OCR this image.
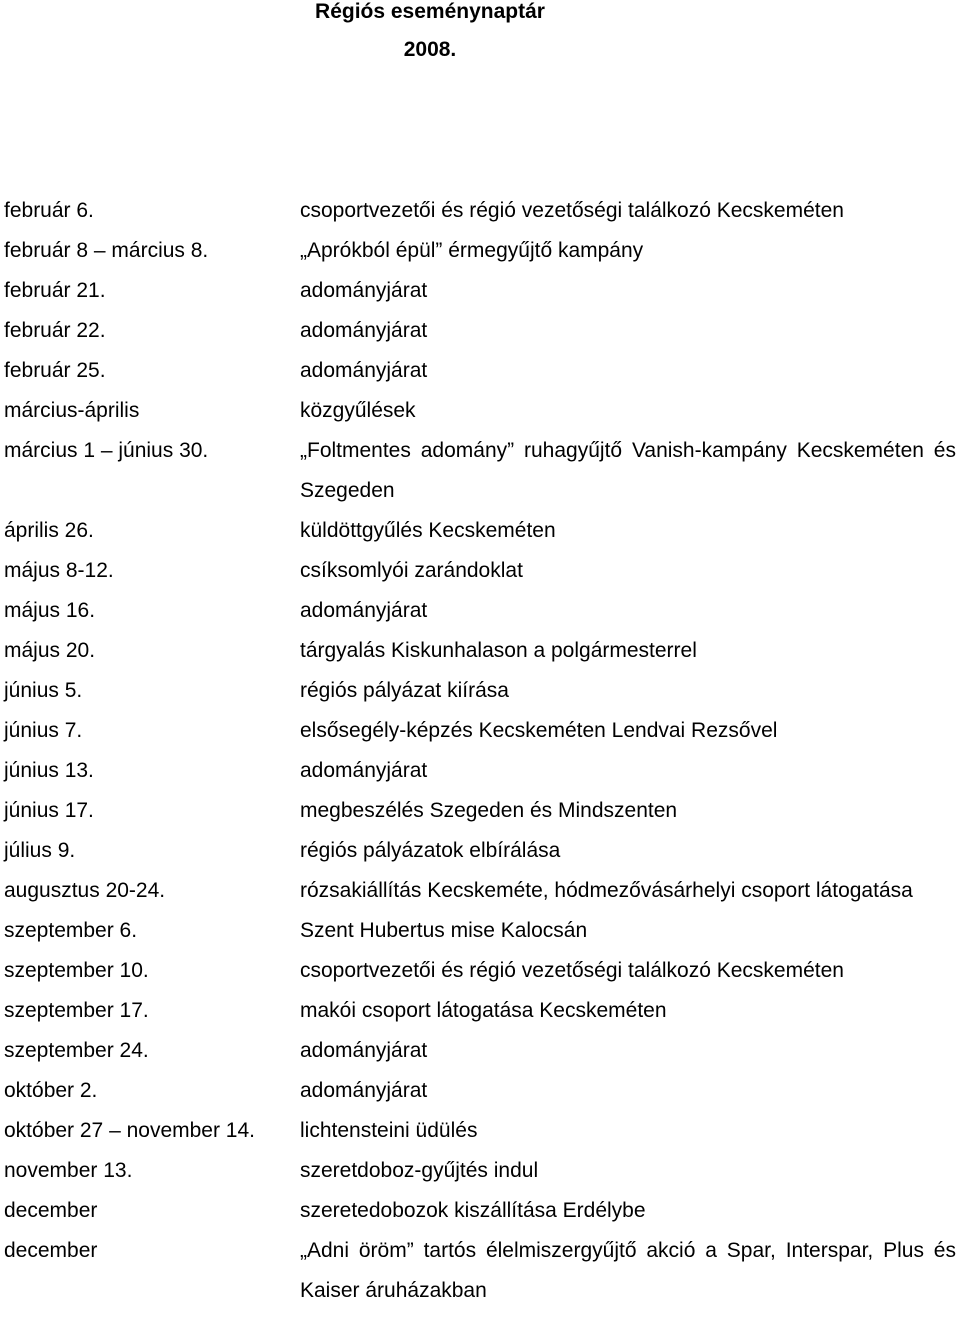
Régiós eseménynaptár
2008.
február 6.	csoportvezetői és régió vezetőségi találkozó Kecskeméten
február 8 – március 8.	„Aprókból épül” érmegyűjtő kampány
február 21.	adományjárat
február 22.	adományjárat
február 25.	adományjárat
március-április	közgyűlések
március 1 – június 30.	„Foltmentes adomány” ruhagyűjtő Vanish-kampány Kecskeméten és Szegeden
április 26.	küldöttgyűlés Kecskeméten
május 8-12.	csíksomlyói zarándoklat
május 16.	adományjárat
május 20.	tárgyalás Kiskunhalason a polgármesterrel
június 5.	régiós pályázat kiírása
június 7.	elsősegély-képzés Kecskeméten Lendvai Rezsővel
június 13.	adományjárat
június 17.	megbeszélés Szegeden és Mindszenten
július 9.	régiós pályázatok elbírálása
augusztus 20-24.	rózsakiállítás Kecskeméte, hódmezővásárhelyi csoport látogatása
szeptember 6.	Szent Hubertus mise Kalocsán
szeptember 10.	csoportvezetői és régió vezetőségi találkozó Kecskeméten
szeptember 17.	makói csoport látogatása Kecskeméten
szeptember 24.	adományjárat
október 2.	adományjárat
október 27 – november 14.	lichtensteini üdülés
november 13.	szeretdoboz-gyűjtés indul
december	szeretedobozok kiszállítása Erdélybe
december	„Adni öröm” tartós élelmiszergyűjtő akció a Spar, Interspar, Plus és Kaiser áruházakban
